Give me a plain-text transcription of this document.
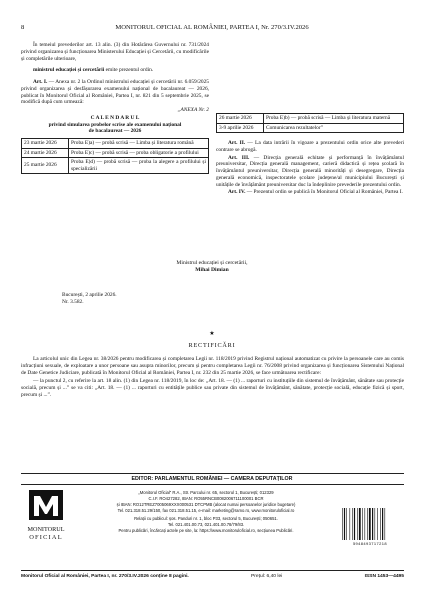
8	MONITORUL OFICIAL AL ROMÂNIEI, PARTEA I, Nr. 270/3.IV.2026

În temeiul prevederilor art. 13 alin. (3) din Hotărârea Guvernului nr. 731/2024 privind organizarea și funcționarea Ministerului Educației și Cercetării, cu modificările și completările ulterioare,

ministrul educației și cercetării emite prezentul ordin.

Art. I. — Anexa nr. 2 la Ordinul ministrului educației și cercetării nr. 6.059/2025 privind organizarea și desfășurarea examenului național de bacalaureat — 2026, publicat în Monitorul Oficial al României, Partea I, nr. 821 din 5 septembrie 2025, se modifică după cum urmează:

„ANEXA Nr. 2

C A L E N D A R U L

privind simularea probelor scrise ale examenului național

de bacalaureat — 2026

23 martie 2026	Proba E)a) — probă scrisă — Limba și literatura română
24 martie 2026	Proba E)c) — probă scrisă — proba obligatorie a profilului
25 martie 2026	Proba E)d) — probă scrisă — proba la alegere a profilului și specializării
26 martie 2026	Proba E)b) — probă scrisă — Limba și literatura maternă
3-9 aprilie 2026	Comunicarea rezultatelor”

Art. II. — La data intrării în vigoare a prezentului ordin orice alte prevederi contrare se abrogă.

Art. III. — Direcția generală echitate și performanță în învățământul preuniversitar, Direcția generală management, carieră didactică și rețea școlară în învățământul preuniversitar, Direcția generală minorități și desegregare, Direcția generală economică, inspectoratele școlare județene/al municipiului București și unitățile de învățământ preuniversitar duc la îndeplinire prevederile prezentului ordin.

Art. IV. — Prezentul ordin se publică în Monitorul Oficial al României, Partea I.

Ministrul educației și cercetării,
Mihai Dimian
București, 2 aprilie 2026.
Nr. 3.582.
★
RECTIFICĂRI

La articolul unic din Legea nr. 38/2026 pentru modificarea și completarea Legii nr. 118/2019 privind Registrul național automatizat cu privire la persoanele care au comis infracțiuni sexuale, de exploatare a unor persoane sau asupra minorilor, precum și pentru completarea Legii nr. 76/2008 privind organizarea și funcționarea Sistemului Național de Date Genetice Judiciare, publicată în Monitorul Oficial al României, Partea I, nr. 232 din 25 martie 2026, se face următoarea rectificare:

— la punctul 2, cu referire la art. 18 alin. (1) din Legea nr. 118/2019, în loc de: „Art. 18. — (1) ... raporturi cu instituțiile din sistemul de învățământ, sănătate sau protecție socială, precum și ...” se va citi: „Art. 18. — (1) ... raporturi cu entitățile publice sau private din sistemul de învățământ, sănătate, protecție socială, educație fizică și sport, precum și ...”.

EDITOR: PARLAMENTUL ROMÂNIEI — CAMERA DEPUTAȚILOR
MONITORUL
OFICIAL
„Monitorul Oficial” R.A., Str. Parcului nr. 65, sectorul 1, București; 012329
C.I.F. RO427282, IBAN: RO55RNCB0082006711100001 BCR
și IBAN: RO12TREZ7005069XXX000531 DTCPMB (alocat numai persoanelor juridice bugetare)
Tel. 021.318.51.29/150, fax 021.318.51.15, e-mail: marketing@ramo.ro, www.monitoruloficial.ro
Relații cu publicul: șos. Panduri nr. 1, bloc P33, sectorul 5, București; 050651.
Tel. 021.401.00.73, 021.401.00.78/79/83.
Pentru publicări, încărcați actele pe site, la: https://www.monitoruloficial.ro, secțiunea Publicări.
5948493717218
Monitorul Oficial al României, Partea I, nr. 270/3.IV.2026 conține 8 pagini.	Prețul: 6,40 lei	ISSN 1453—4495
